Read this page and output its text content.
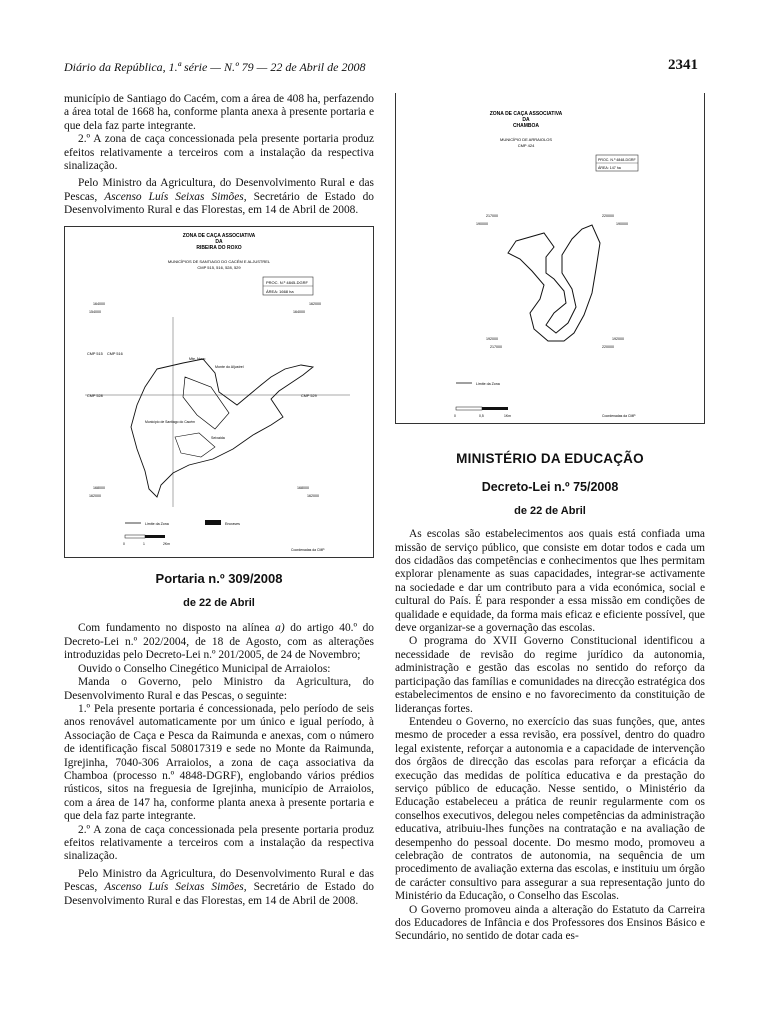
Diário da República, 1.ª série — N.º 79 — 22 de Abril de 2008	2341

município de Santiago do Cacém, com a área de 408 ha, perfazendo a área total de 1668 ha, conforme planta anexa à presente portaria e que dela faz parte integrante.

2.º A zona de caça concessionada pela presente portaria produz efeitos relativamente a terceiros com a instalação da respectiva sinalização.

Pelo Ministro da Agricultura, do Desenvolvimento Rural e das Pescas, Ascenso Luís Seixas Simões, Secretário de Estado do Desenvolvimento Rural e das Florestas, em 14 de Abril de 2008.

ZONA DE CAÇA ASSOCIATIVA
DA
RIBEIRA DO ROXO
MUNICÍPIOS DE SANTIAGO DO CACÉM E ALJUSTREL
CMP 515, 516, 528, 529
PROC. N.º 4845-DGRF
ÁREA: 1668 ha
164000
154000
162000
164000
CMP 515 CMP 516
CMP 528	CMP 529
Monte do Aljustrel
Mte. Novo
Município de Santiago do Cacém
Seixaida
168000
162000
168000
162000
Limite da Zona	Encraves
0	1	2Km
Coordenadas da CMP
Portaria n.º 309/2008
de 22 de Abril

Com fundamento no disposto na alínea a) do artigo 40.º do Decreto-Lei n.º 202/2004, de 18 de Agosto, com as alterações introduzidas pelo Decreto-Lei n.º 201/2005, de 24 de Novembro;

Ouvido o Conselho Cinegético Municipal de Arraiolos:

Manda o Governo, pelo Ministro da Agricultura, do Desenvolvimento Rural e das Pescas, o seguinte:

1.º Pela presente portaria é concessionada, pelo período de seis anos renovável automaticamente por um único e igual período, à Associação de Caça e Pesca da Raimunda e anexas, com o número de identificação fiscal 508017319 e sede no Monte da Raimunda, Igrejinha, 7040-306 Arraiolos, a zona de caça associativa da Chamboa (processo n.º 4848-DGRF), englobando vários prédios rústicos, sitos na freguesia de Igrejinha, município de Arraiolos, com a área de 147 ha, conforme planta anexa à presente portaria e que dela faz parte integrante.

2.º A zona de caça concessionada pela presente portaria produz efeitos relativamente a terceiros com a instalação da respectiva sinalização.

Pelo Ministro da Agricultura, do Desenvolvimento Rural e das Pescas, Ascenso Luís Seixas Simões, Secretário de Estado do Desenvolvimento Rural e das Florestas, em 14 de Abril de 2008.

ZONA DE CAÇA ASSOCIATIVA
DA
CHAMBOA
MUNICÍPIO DE ARRAIOLOS
CMP 424
PROC. N.º 4848-DGRF
ÁREA: 147 ha
217000
190000
220000
190000
192000
217000
192000
220000
Limite da Zona
0	0,5	1Km	Coordenadas da CMP
MINISTÉRIO DA EDUCAÇÃO
Decreto-Lei n.º 75/2008
de 22 de Abril

As escolas são estabelecimentos aos quais está confiada uma missão de serviço público, que consiste em dotar todos e cada um dos cidadãos das competências e conhecimentos que lhes permitam explorar plenamente as suas capacidades, integrar-se activamente na sociedade e dar um contributo para a vida económica, social e cultural do País. É para responder a essa missão em condições de qualidade e equidade, da forma mais eficaz e eficiente possível, que deve organizar-se a governação das escolas.

O programa do XVII Governo Constitucional identificou a necessidade de revisão do regime jurídico da autonomia, administração e gestão das escolas no sentido do reforço da participação das famílias e comunidades na direcção estratégica dos estabelecimentos de ensino e no favorecimento da constituição de lideranças fortes.

Entendeu o Governo, no exercício das suas funções, que, antes mesmo de proceder a essa revisão, era possível, dentro do quadro legal existente, reforçar a autonomia e a capacidade de intervenção dos órgãos de direcção das escolas para reforçar a eficácia da execução das medidas de política educativa e da prestação do serviço público de educação. Nesse sentido, o Ministério da Educação estabeleceu a prática de reunir regularmente com os conselhos executivos, delegou neles competências da administração educativa, atribuiu-lhes funções na contratação e na avaliação de desempenho do pessoal docente. Do mesmo modo, promoveu a celebração de contratos de autonomia, na sequência de um procedimento de avaliação externa das escolas, e instituiu um órgão de carácter consultivo para assegurar a sua representação junto do Ministério da Educação, o Conselho das Escolas.

O Governo promoveu ainda a alteração do Estatuto da Carreira dos Educadores de Infância e dos Professores dos Ensinos Básico e Secundário, no sentido de dotar cada es-
